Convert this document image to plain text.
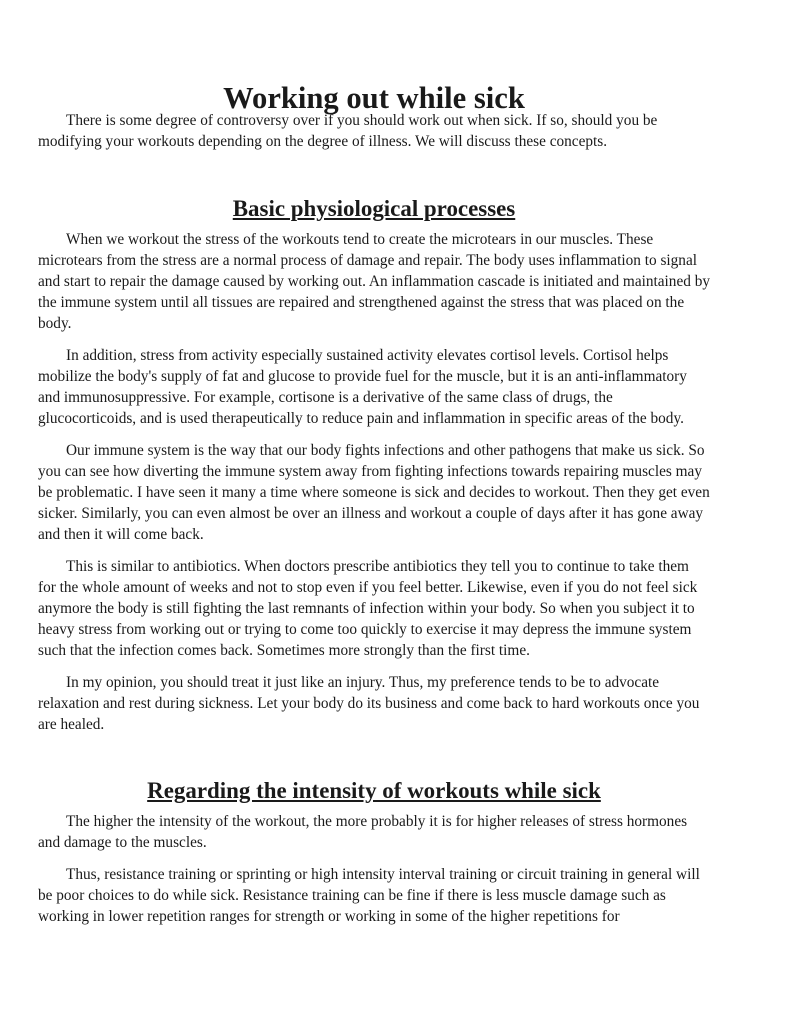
Working out while sick

There is some degree of controversy over if you should work out when sick. If so, should you be modifying your workouts depending on the degree of illness. We will discuss these concepts.

Basic physiological processes

When we workout the stress of the workouts tend to create the microtears in our muscles. These microtears from the stress are a normal process of damage and repair. The body uses inflammation to signal and start to repair the damage caused by working out. An inflammation cascade is initiated and maintained by the immune system until all tissues are repaired and strengthened against the stress that was placed on the body.

In addition, stress from activity especially sustained activity elevates cortisol levels. Cortisol helps mobilize the body's supply of fat and glucose to provide fuel for the muscle, but it is an anti-inflammatory and immunosuppressive. For example, cortisone is a derivative of the same class of drugs, the glucocorticoids, and is used therapeutically to reduce pain and inflammation in specific areas of the body.

Our immune system is the way that our body fights infections and other pathogens that make us sick. So you can see how diverting the immune system away from fighting infections towards repairing muscles may be problematic. I have seen it many a time where someone is sick and decides to workout. Then they get even sicker. Similarly, you can even almost be over an illness and workout a couple of days after it has gone away and then it will come back.

This is similar to antibiotics. When doctors prescribe antibiotics they tell you to continue to take them for the whole amount of weeks and not to stop even if you feel better. Likewise, even if you do not feel sick anymore the body is still fighting the last remnants of infection within your body. So when you subject it to heavy stress from working out or trying to come too quickly to exercise it may depress the immune system such that the infection comes back. Sometimes more strongly than the first time.

In my opinion, you should treat it just like an injury. Thus, my preference tends to be to advocate relaxation and rest during sickness. Let your body do its business and come back to hard workouts once you are healed.

Regarding the intensity of workouts while sick

The higher the intensity of the workout, the more probably it is for higher releases of stress hormones and damage to the muscles.

Thus, resistance training or sprinting or high intensity interval training or circuit training in general will be poor choices to do while sick. Resistance training can be fine if there is less muscle damage such as working in lower repetition ranges for strength or working in some of the higher repetitions for
